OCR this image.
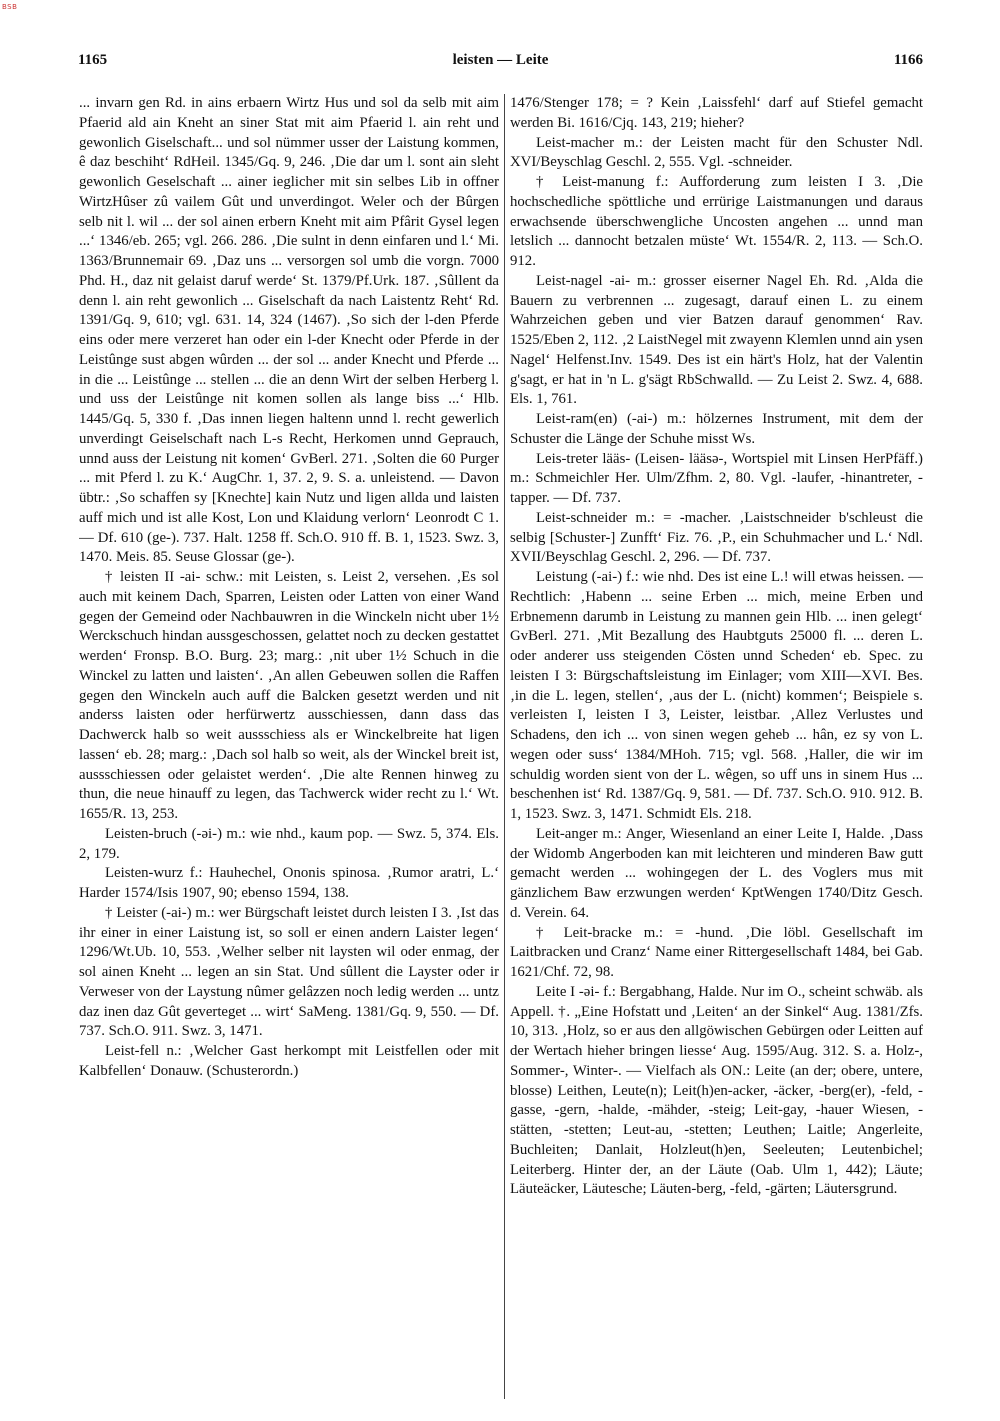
BSB
1165	leisten — Leite	1166

... invarn gen Rd. in ains erbaern Wirtz Hus und sol da selb mit aim Pfaerid ald ain Kneht an siner Stat mit aim Pfaerid l. ain reht und gewonlich Giselschaft... und sol nümmer usser der Laistung kommen, ê daz beschiht‘ RdHeil. 1345/Gq. 9, 246. ‚Die dar um l. sont ain sleht gewonlich Geselschaft ... ainer ieglicher mit sin selbes Lib in offner WirtzHûser zû vailem Gût und unverdingot. Weler och der Bûrgen selb nit l. wil ... der sol ainen erbern Kneht mit aim Pfârit Gysel legen ...‘ 1346/eb. 265; vgl. 266. 286. ‚Die sulnt in denn einfaren und l.‘ Mi. 1363/Brunnemair 69. ‚Daz uns ... versorgen sol umb die vorgn. 7000 Phd. H., daz nit gelaist daruf werde‘ St. 1379/Pf.Urk. 187. ‚Sûllent da denn l. ain reht gewonlich ... Giselschaft da nach Laistentz Reht‘ Rd. 1391/Gq. 9, 610; vgl. 631. 14, 324 (1467). ‚So sich der l-den Pferde eins oder mere verzeret han oder ein l-der Knecht oder Pferde in der Leistûnge sust abgen wûrden ... der sol ... ander Knecht und Pferde ... in die ... Leistûnge ... stellen ... die an denn Wirt der selben Herberg l. und uss der Leistûnge nit komen sollen als lange biss ...‘ Hlb. 1445/Gq. 5, 330 f. ‚Das innen liegen haltenn unnd l. recht gewerlich unverdingt Geiselschaft nach L-s Recht, Herkomen unnd Geprauch, unnd auss der Leistung nit komen‘ GvBerl. 271. ‚Solten die 60 Purger ... mit Pferd l. zu K.‘ AugChr. 1, 37. 2, 9. S. a. unleistend. — Davon übtr.: ‚So schaffen sy [Knechte] kain Nutz und ligen allda und laisten auff mich und ist alle Kost, Lon und Klaidung verlorn‘ Leonrodt C 1. — Df. 610 (ge-). 737. Halt. 1258 ff. Sch.O. 910 ff. B. 1, 1523. Swz. 3, 1470. Meis. 85. Seuse Glossar (ge-).

† leisten II -ai- schw.: mit Leisten, s. Leist 2, versehen. ‚Es sol auch mit keinem Dach, Sparren, Leisten oder Latten von einer Wand gegen der Gemeind oder Nachbauwren in die Winckeln nicht uber 1½ Werckschuch hindan aussgeschossen, gelattet noch zu decken gestattet werden‘ Fronsp. B.O. Burg. 23; marg.: ‚nit uber 1½ Schuch in die Winckel zu latten und laisten‘. ‚An allen Gebeuwen sollen die Raffen gegen den Winckeln auch auff die Balcken gesetzt werden und nit anderss laisten oder herfürwertz ausschiessen, dann dass das Dachwerck halb so weit aussschiess als er Winckelbreite hat ligen lassen‘ eb. 28; marg.: ‚Dach sol halb so weit, als der Winckel breit ist, aussschiessen oder gelaistet werden‘. ‚Die alte Rennen hinweg zu thun, die neue hinauff zu legen, das Tachwerck wider recht zu l.‘ Wt. 1655/R. 13, 253.

Leisten-bruch (-əi-) m.: wie nhd., kaum pop. — Swz. 5, 374. Els. 2, 179.

Leisten-wurz f.: Hauhechel, Ononis spinosa. ‚Rumor aratri, L.‘ Harder 1574/Isis 1907, 90; ebenso 1594, 138.

† Leister (-ai-) m.: wer Bürgschaft leistet durch leisten I 3. ‚Ist das ihr einer in einer Laistung ist, so soll er einen andern Laister legen‘ 1296/Wt.Ub. 10, 553. ‚Welher selber nit laysten wil oder enmag, der sol ainen Kneht ... legen an sin Stat. Und sûllent die Layster oder ir Verweser von der Laystung nûmer gelâzzen noch ledig werden ... untz daz inen daz Gût geverteget ... wirt‘ SaMeng. 1381/Gq. 9, 550. — Df. 737. Sch.O. 911. Swz. 3, 1471.

Leist-fell n.: ‚Welcher Gast herkompt mit Leistfellen oder mit Kalbfellen‘ Donauw. (Schusterordn.)

1476/Stenger 178; = ? Kein ‚Laissfehl‘ darf auf Stiefel gemacht werden Bi. 1616/Cjq. 143, 219; hieher?

Leist-macher m.: der Leisten macht für den Schuster Ndl. XVI/Beyschlag Geschl. 2, 555. Vgl. -schneider.

† Leist-manung f.: Aufforderung zum leisten I 3. ‚Die hochschedliche spöttliche und errürige Laistmanungen und daraus erwachsende überschwengliche Uncosten angehen ... unnd man letslich ... dannocht betzalen müste‘ Wt. 1554/R. 2, 113. — Sch.O. 912.

Leist-nagel -ai- m.: grosser eiserner Nagel Eh. Rd. ‚Alda die Bauern zu verbrennen ... zugesagt, darauf einen L. zu einem Wahrzeichen geben und vier Batzen darauf genommen‘ Rav. 1525/Eben 2, 112. ‚2 LaistNegel mit zwayenn Klemlen unnd ain ysen Nagel‘ Helfenst.Inv. 1549. Des ist ein härt's Holz, hat der Valentin g'sagt, er hat in 'n L. g'sägt RbSchwalld. — Zu Leist 2. Swz. 4, 688. Els. 1, 761.

Leist-ram(en) (-ai-) m.: hölzernes Instrument, mit dem der Schuster die Länge der Schuhe misst Ws.

Leis-treter lääs- (Leisen- lääsə-, Wortspiel mit Linsen HerPfäff.) m.: Schmeichler Her. Ulm/Zfhm. 2, 80. Vgl. -laufer, -hinantreter, -tapper. — Df. 737.

Leist-schneider m.: = -macher. ‚Laistschneider b'schleust die selbig [Schuster-] Zunfft‘ Fiz. 76. ‚P., ein Schuhmacher und L.‘ Ndl. XVII/Beyschlag Geschl. 2, 296. — Df. 737.

Leistung (-ai-) f.: wie nhd. Des ist eine L.! will etwas heissen. — Rechtlich: ‚Habenn ... seine Erben ... mich, meine Erben und Erbnemenn darumb in Leistung zu mannen gein Hlb. ... inen gelegt‘ GvBerl. 271. ‚Mit Bezallung des Haubtguts 25000 fl. ... deren L. oder anderer uss steigenden Cösten unnd Scheden‘ eb. Spec. zu leisten I 3: Bürgschaftsleistung im Einlager; vom XIII—XVI. Bes. ‚in die L. legen, stellen‘, ‚aus der L. (nicht) kommen‘; Beispiele s. verleisten I, leisten I 3, Leister, leistbar. ‚Allez Verlustes und Schadens, den ich ... von sinen wegen geheb ... hân, ez sy von L. wegen oder suss‘ 1384/MHoh. 715; vgl. 568. ‚Haller, die wir im schuldig worden sient von der L. wêgen, so uff uns in sinem Hus ... beschenhen ist‘ Rd. 1387/Gq. 9, 581. — Df. 737. Sch.O. 910. 912. B. 1, 1523. Swz. 3, 1471. Schmidt Els. 218.

Leit-anger m.: Anger, Wiesenland an einer Leite I, Halde. ‚Dass der Widomb Angerboden kan mit leichteren und minderen Baw gutt gemacht werden ... wohingegen der L. des Voglers mus mit gänzlichem Baw erzwungen werden‘ KptWengen 1740/Ditz Gesch. d. Verein. 64.

† Leit-bracke m.: = -hund. ‚Die löbl. Gesellschaft im Laitbracken und Cranz‘ Name einer Rittergesellschaft 1484, bei Gab. 1621/Chf. 72, 98.

Leite I -əi- f.: Bergabhang, Halde. Nur im O., scheint schwäb. als Appell. †. „Eine Hofstatt und ‚Leiten‘ an der Sinkel“ Aug. 1381/Zfs. 10, 313. ‚Holz, so er aus den allgöwischen Gebürgen oder Leitten auf der Wertach hieher bringen liesse‘ Aug. 1595/Aug. 312. S. a. Holz-, Sommer-, Winter-. — Vielfach als ON.: Leite (an der; obere, untere, blosse) Leithen, Leute(n); Leit(h)en-acker, -äcker, -berg(er), -feld, -gasse, -gern, -halde, -mähder, -steig; Leit-gay, -hauer Wiesen, -stätten, -stetten; Leut-au, -stetten; Leuthen; Laitle; Angerleite, Buchleiten; Danlait, Holzleut(h)en, Seeleuten; Leutenbichel; Leiterberg. Hinter der, an der Läute (Oab. Ulm 1, 442); Läute; Läuteäcker, Läutesche; Läuten-berg, -feld, -gärten; Läutersgrund.
